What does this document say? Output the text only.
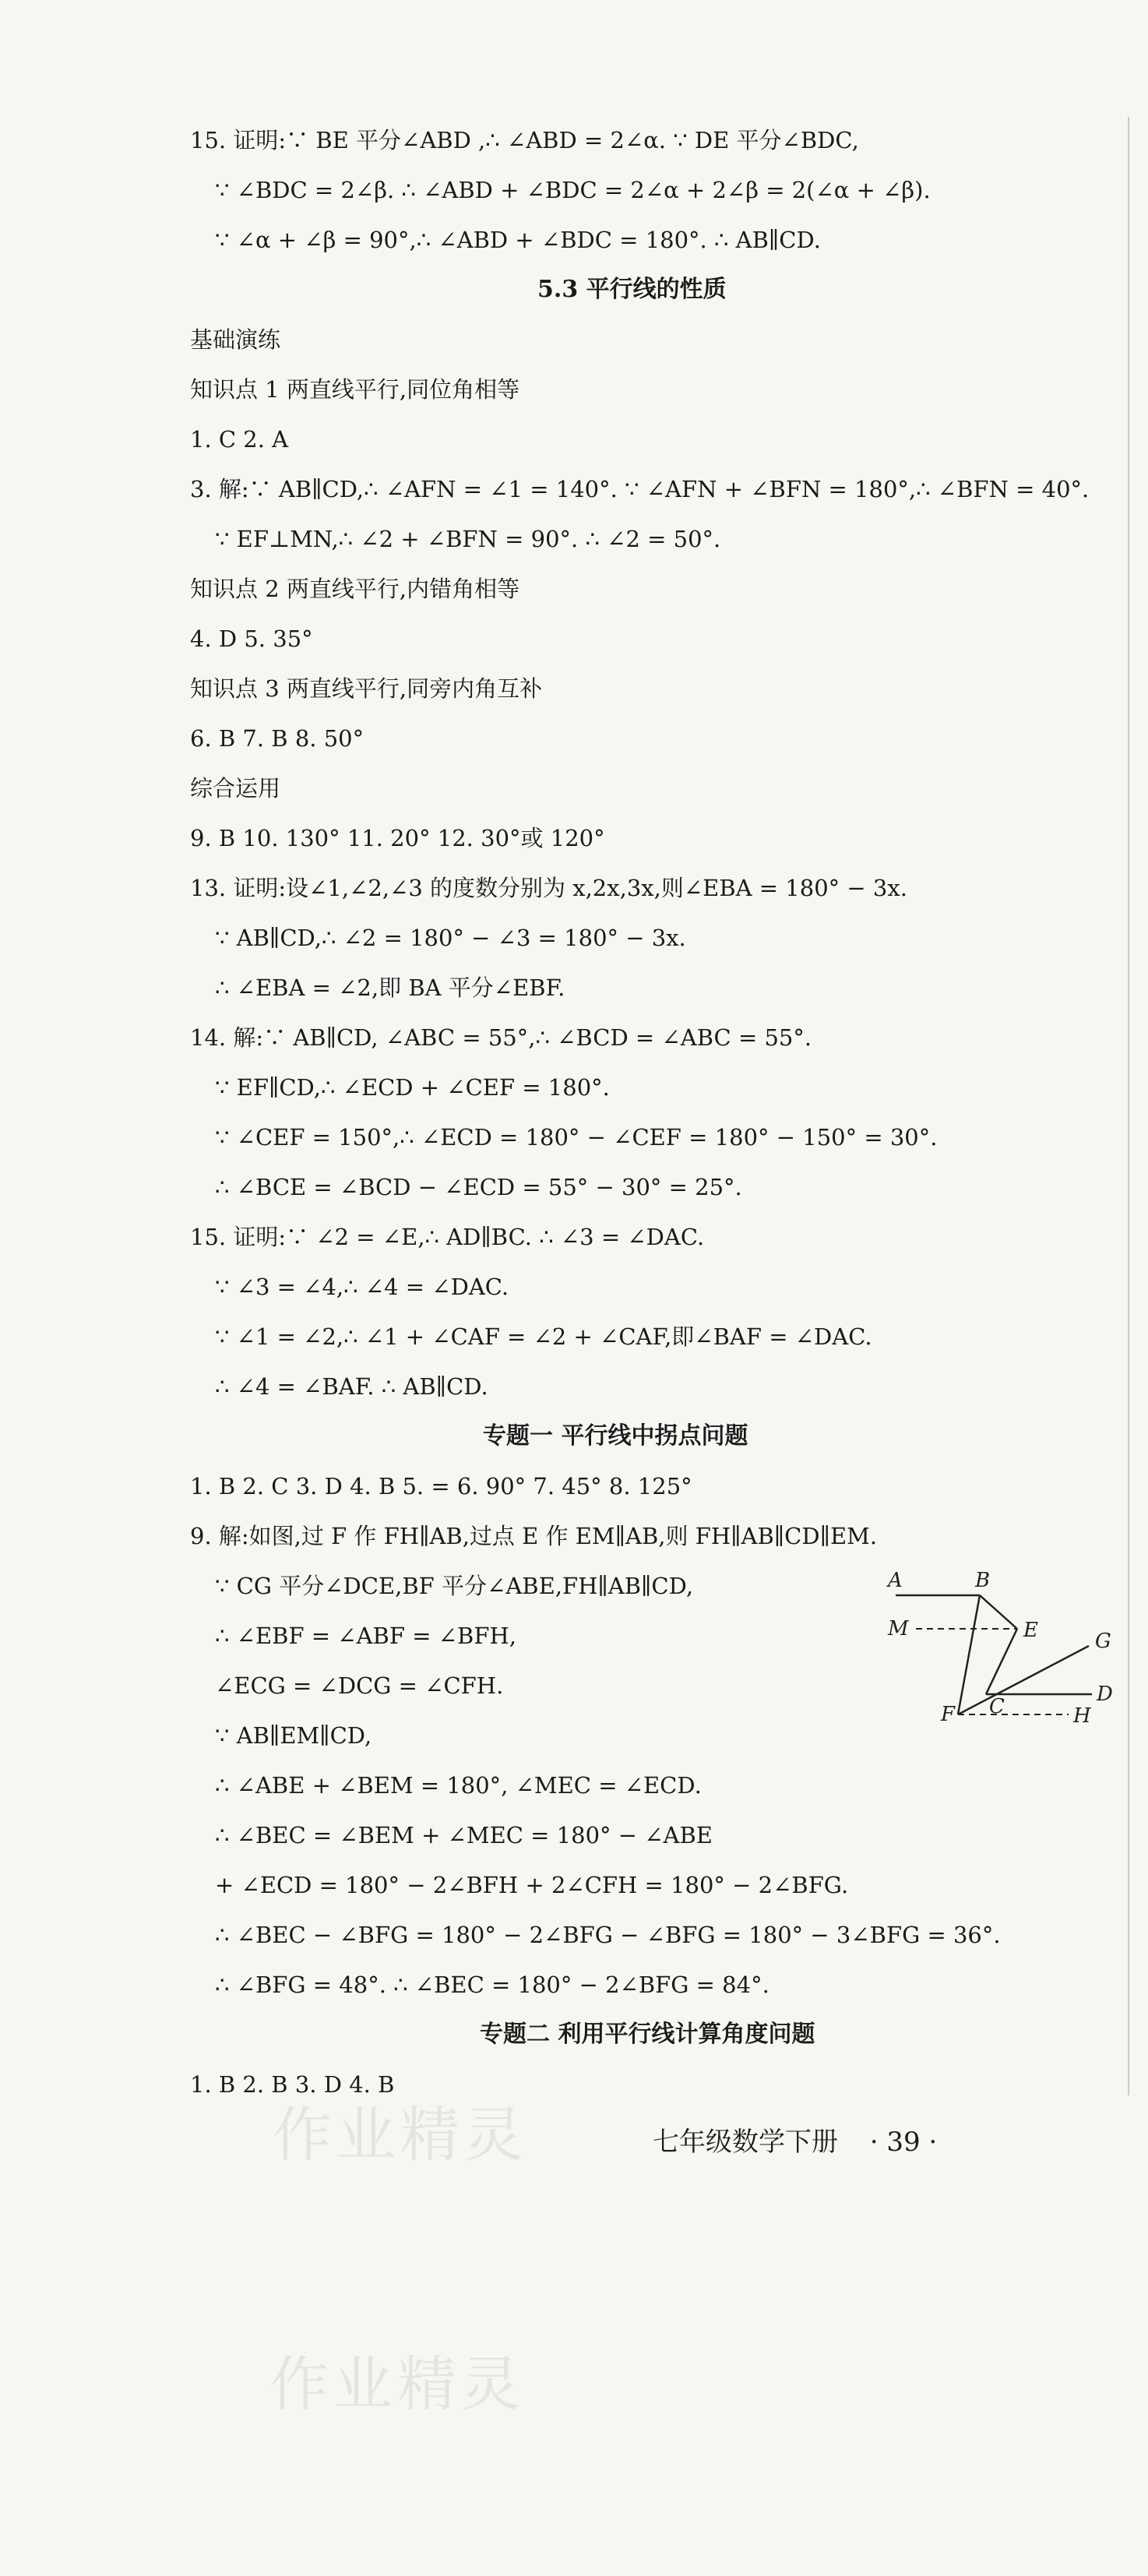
15. 证明:∵ BE 平分∠ABD ,∴ ∠ABD = 2∠α. ∵ DE 平分∠BDC,
∵ ∠BDC = 2∠β. ∴ ∠ABD + ∠BDC = 2∠α + 2∠β = 2(∠α + ∠β).
∵ ∠α + ∠β = 90°,∴ ∠ABD + ∠BDC = 180°. ∴ AB∥CD.
5.3 平行线的性质
基础演练
知识点 1 两直线平行,同位角相等
1. C 2. A
3. 解:∵ AB∥CD,∴ ∠AFN = ∠1 = 140°. ∵ ∠AFN + ∠BFN = 180°,∴ ∠BFN = 40°.
∵ EF⊥MN,∴ ∠2 + ∠BFN = 90°. ∴ ∠2 = 50°.
知识点 2 两直线平行,内错角相等
4. D 5. 35°
知识点 3 两直线平行,同旁内角互补
6. B 7. B 8. 50°
综合运用
9. B 10. 130° 11. 20° 12. 30°或 120°
13. 证明:设∠1,∠2,∠3 的度数分别为 x,2x,3x,则∠EBA = 180° − 3x.
∵ AB∥CD,∴ ∠2 = 180° − ∠3 = 180° − 3x.
∴ ∠EBA = ∠2,即 BA 平分∠EBF.
14. 解:∵ AB∥CD, ∠ABC = 55°,∴ ∠BCD = ∠ABC = 55°.
∵ EF∥CD,∴ ∠ECD + ∠CEF = 180°.
∵ ∠CEF = 150°,∴ ∠ECD = 180° − ∠CEF = 180° − 150° = 30°.
∴ ∠BCE = ∠BCD − ∠ECD = 55° − 30° = 25°.
15. 证明:∵ ∠2 = ∠E,∴ AD∥BC. ∴ ∠3 = ∠DAC.
∵ ∠3 = ∠4,∴ ∠4 = ∠DAC.
∵ ∠1 = ∠2,∴ ∠1 + ∠CAF = ∠2 + ∠CAF,即∠BAF = ∠DAC.
∴ ∠4 = ∠BAF. ∴ AB∥CD.
专题一 平行线中拐点问题
1. B 2. C 3. D 4. B 5. = 6. 90° 7. 45° 8. 125°
9. 解:如图,过 F 作 FH∥AB,过点 E 作 EM∥AB,则 FH∥AB∥CD∥EM.
∵ CG 平分∠DCE,BF 平分∠ABE,FH∥AB∥CD,
∴ ∠EBF = ∠ABF = ∠BFH,
∠ECG = ∠DCG = ∠CFH.
∵ AB∥EM∥CD,
∴ ∠ABE + ∠BEM = 180°, ∠MEC = ∠ECD.
∴ ∠BEC = ∠BEM + ∠MEC = 180° − ∠ABE
+ ∠ECD = 180° − 2∠BFH + 2∠CFH = 180° − 2∠BFG.
∴ ∠BEC − ∠BFG = 180° − 2∠BFG − ∠BFG = 180° − 3∠BFG = 36°.
∴ ∠BFG = 48°. ∴ ∠BEC = 180° − 2∠BFG = 84°.
专题二 利用平行线计算角度问题
1. B 2. B 3. D 4. B
A	B
M	E	G
D
F C	H
七年级数学下册 · 39 ·
作业精灵
作业精灵
